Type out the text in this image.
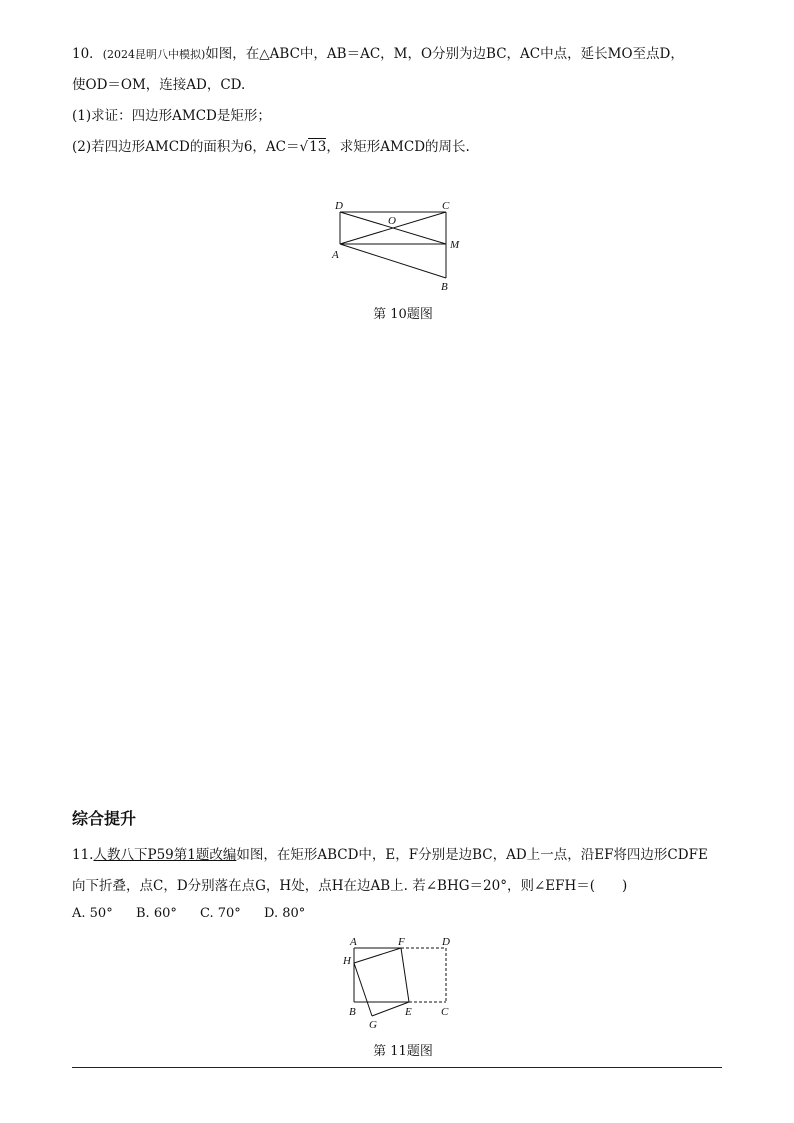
10．(2024昆明八中模拟)如图，在△ABC中，AB＝AC，M，O分别为边BC，AC中点，延长MO至点D，
使OD＝OM，连接AD，CD.
(1)求证：四边形AMCD是矩形；
(2)若四边形AMCD的面积为6，AC＝√13，求矩形AMCD的周长.
D	C
O
M
A
B
第 10题图
综合提升
11.人教八下P59第1题改编如图，在矩形ABCD中，E，F分别是边BC，AD上一点，沿EF将四边形CDFE
向下折叠，点C，D分别落在点G，H处，点H在边AB上. 若∠BHG＝20°，则∠EFH＝(　　)
A. 50° B. 60° C. 70° D. 80°
A	F	D
H
B	E	C
G
第 11题图
